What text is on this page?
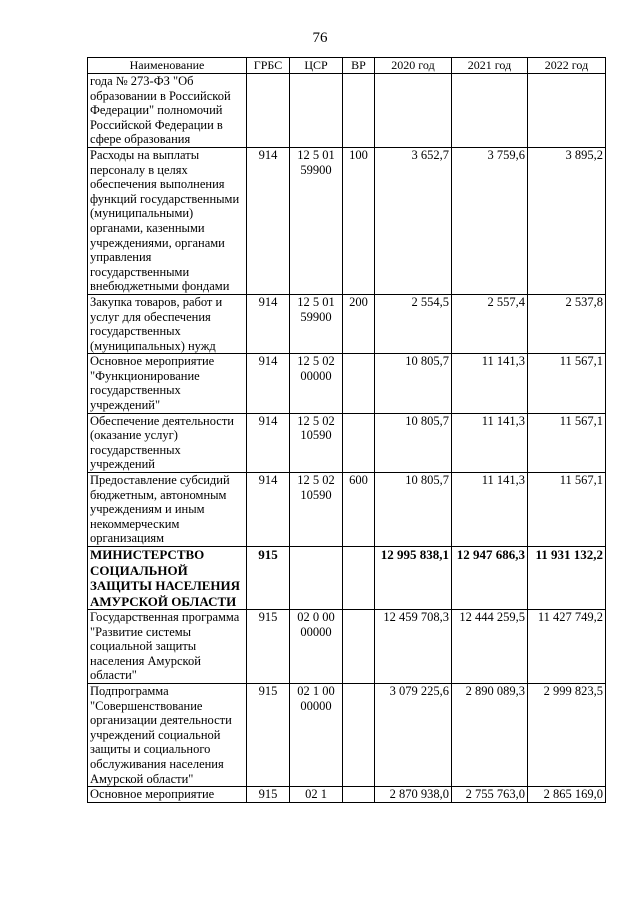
76
Наименование	ГРБС	ЦСР	ВР	2020 год	2021 год	2022 год
года № 273-ФЗ "Об образовании в Российской Федерации" полномочий Российской Федерации в сфере образования						
Расходы на выплаты персоналу в целях обеспечения выполнения функций государственными (муниципальными) органами, казенными учреждениями, органами управления государственными внебюджетными фондами	914	12 5 01 59900	100	3 652,7	3 759,6	3 895,2
Закупка товаров, работ и услуг для обеспечения государственных (муниципальных) нужд	914	12 5 01 59900	200	2 554,5	2 557,4	2 537,8
Основное мероприятие "Функционирование государственных учреждений"	914	12 5 02 00000		10 805,7	11 141,3	11 567,1
Обеспечение деятельности (оказание услуг) государственных учреждений	914	12 5 02 10590		10 805,7	11 141,3	11 567,1
Предоставление субсидий бюджетным, автономным учреждениям и иным некоммерческим организациям	914	12 5 02 10590	600	10 805,7	11 141,3	11 567,1
МИНИСТЕРСТВО СОЦИАЛЬНОЙ ЗАЩИТЫ НАСЕЛЕНИЯ АМУРСКОЙ ОБЛАСТИ	915			12 995 838,1	12 947 686,3	11 931 132,2
Государственная программа "Развитие системы социальной защиты населения Амурской области"	915	02 0 00 00000		12 459 708,3	12 444 259,5	11 427 749,2
Подпрограмма "Совершенствование организации деятельности учреждений социальной защиты и социального обслуживания населения Амурской области"	915	02 1 00 00000		3 079 225,6	2 890 089,3	2 999 823,5
Основное мероприятие	915	02 1		2 870 938,0	2 755 763,0	2 865 169,0
